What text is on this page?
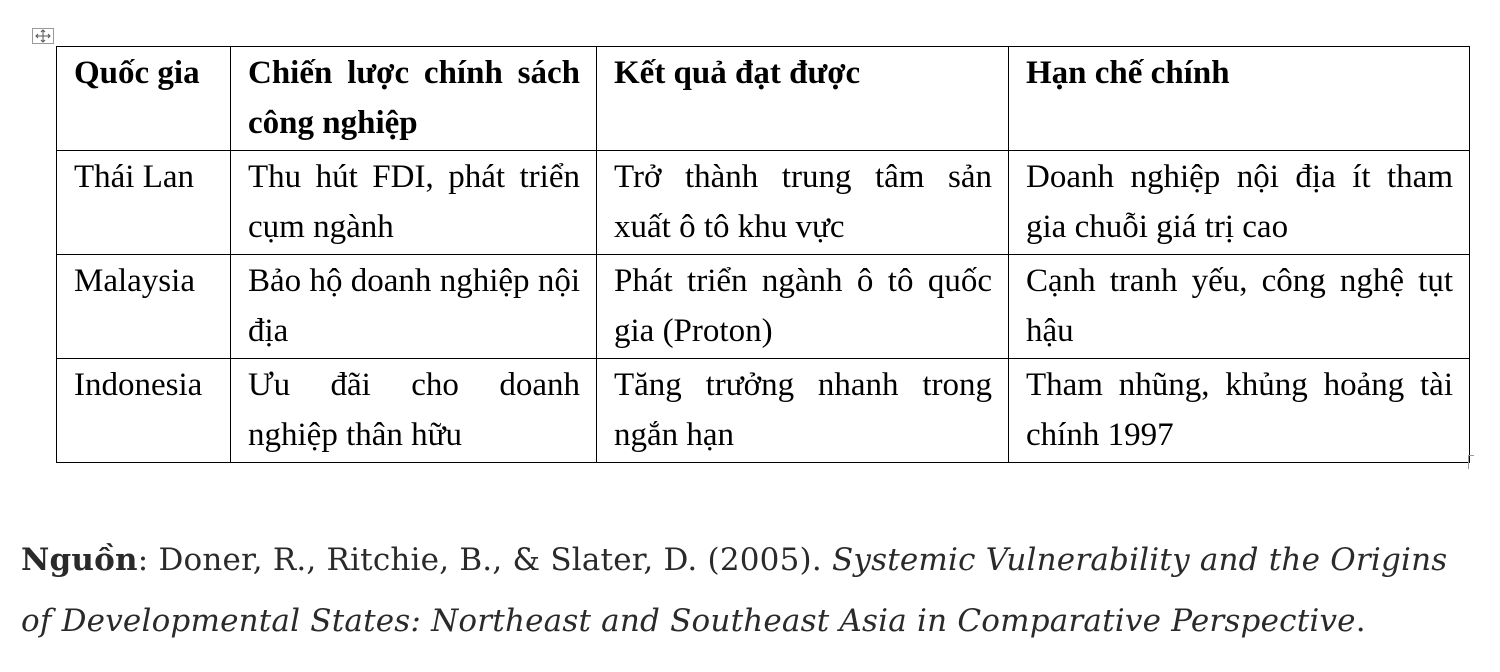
Quốc gia	Chiến lược chính sách công nghiệp	Kết quả đạt được	Hạn chế chính
Thái Lan	Thu hút FDI, phát triển cụm ngành	Trở thành trung tâm sản xuất ô tô khu vực	Doanh nghiệp nội địa ít tham gia chuỗi giá trị cao
Malaysia	Bảo hộ doanh nghiệp nội địa	Phát triển ngành ô tô quốc gia (Proton)	Cạnh tranh yếu, công nghệ tụt hậu
Indonesia	Ưu đãi cho doanh nghiệp thân hữu	Tăng trưởng nhanh trong ngắn hạn	Tham nhũng, khủng hoảng tài chính 1997

Nguồn: Doner, R., Ritchie, B., & Slater, D. (2005). Systemic Vulnerability and the Origins of Developmental States: Northeast and Southeast Asia in Comparative Perspective.
